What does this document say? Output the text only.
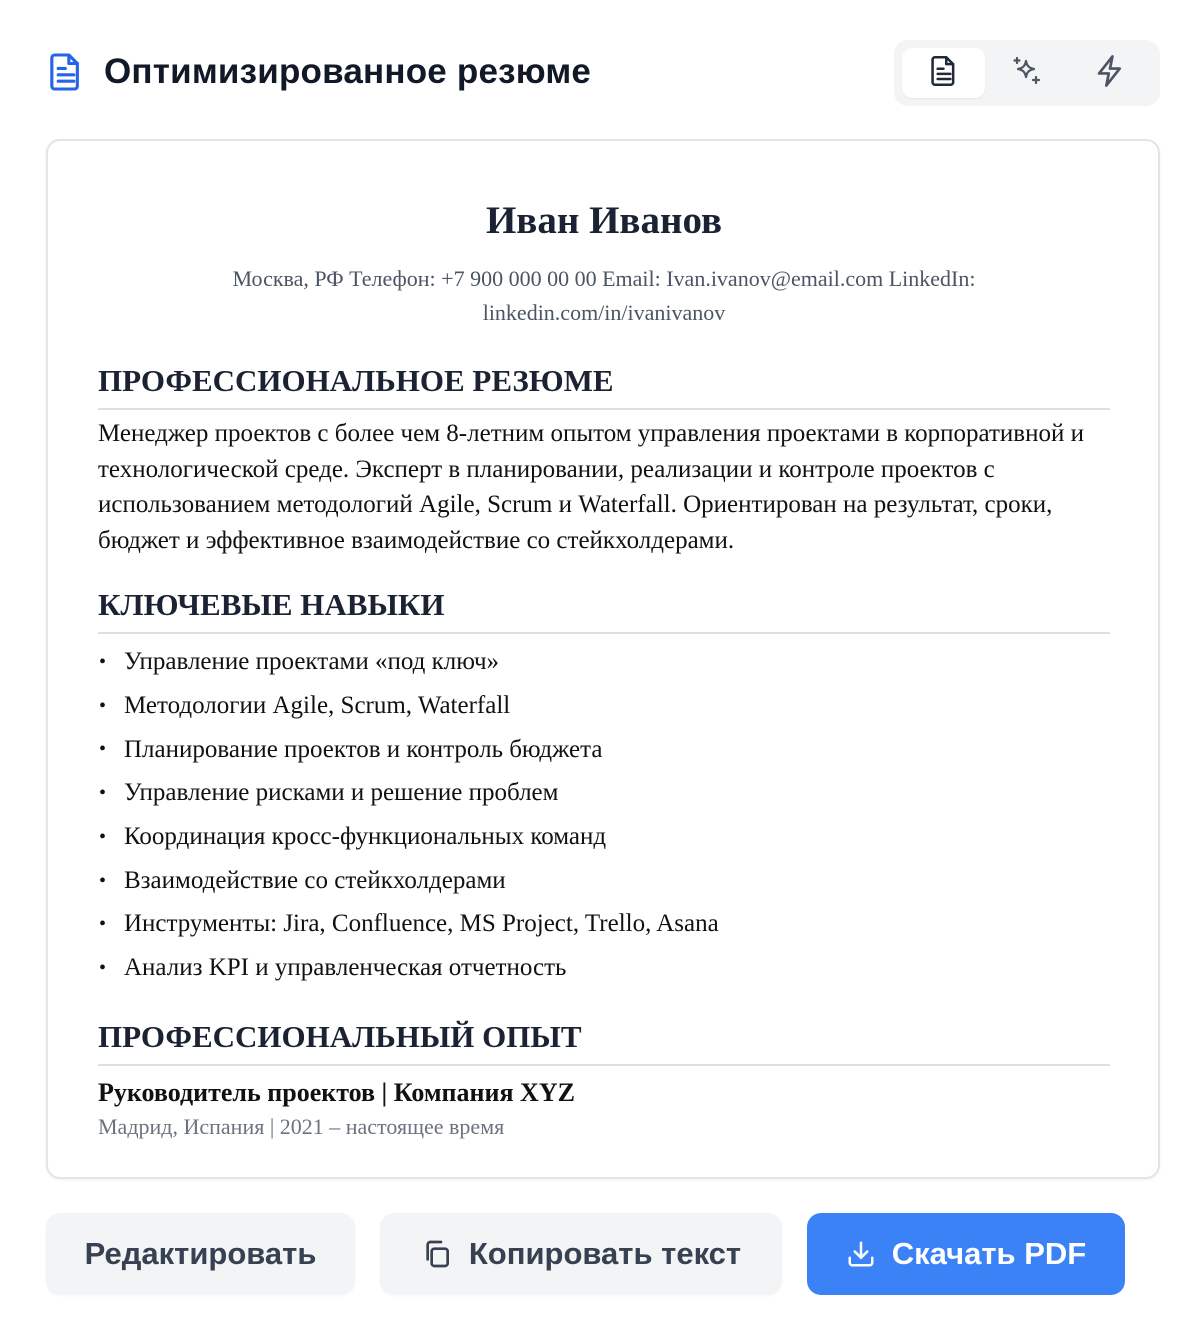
Оптимизированное резюме
Иван Иванов
Москва, РФ Телефон: +7 900 000 00 00 Email: Ivan.ivanov@email.com LinkedIn: linkedin.com/in/ivanivanov
ПРОФЕССИОНАЛЬНОЕ РЕЗЮМЕ

Менеджер проектов с более чем 8-летним опытом управления проектами в корпоративной и технологической среде. Эксперт в планировании, реализации и контроле проектов с использованием методологий Agile, Scrum и Waterfall. Ориентирован на результат, сроки, бюджет и эффективное взаимодействие со стейкхолдерами.

КЛЮЧЕВЫЕ НАВЫКИ
• Управление проектами «под ключ»
• Методологии Agile, Scrum, Waterfall
• Планирование проектов и контроль бюджета
• Управление рисками и решение проблем
• Координация кросс-функциональных команд
• Взаимодействие со стейкхолдерами
• Инструменты: Jira, Confluence, MS Project, Trello, Asana
• Анализ KPI и управленческая отчетность
ПРОФЕССИОНАЛЬНЫЙ ОПЫТ
Руководитель проектов | Компания XYZ
Мадрид, Испания | 2021 – настоящее время
Редактировать	Копировать текст	Скачать PDF
